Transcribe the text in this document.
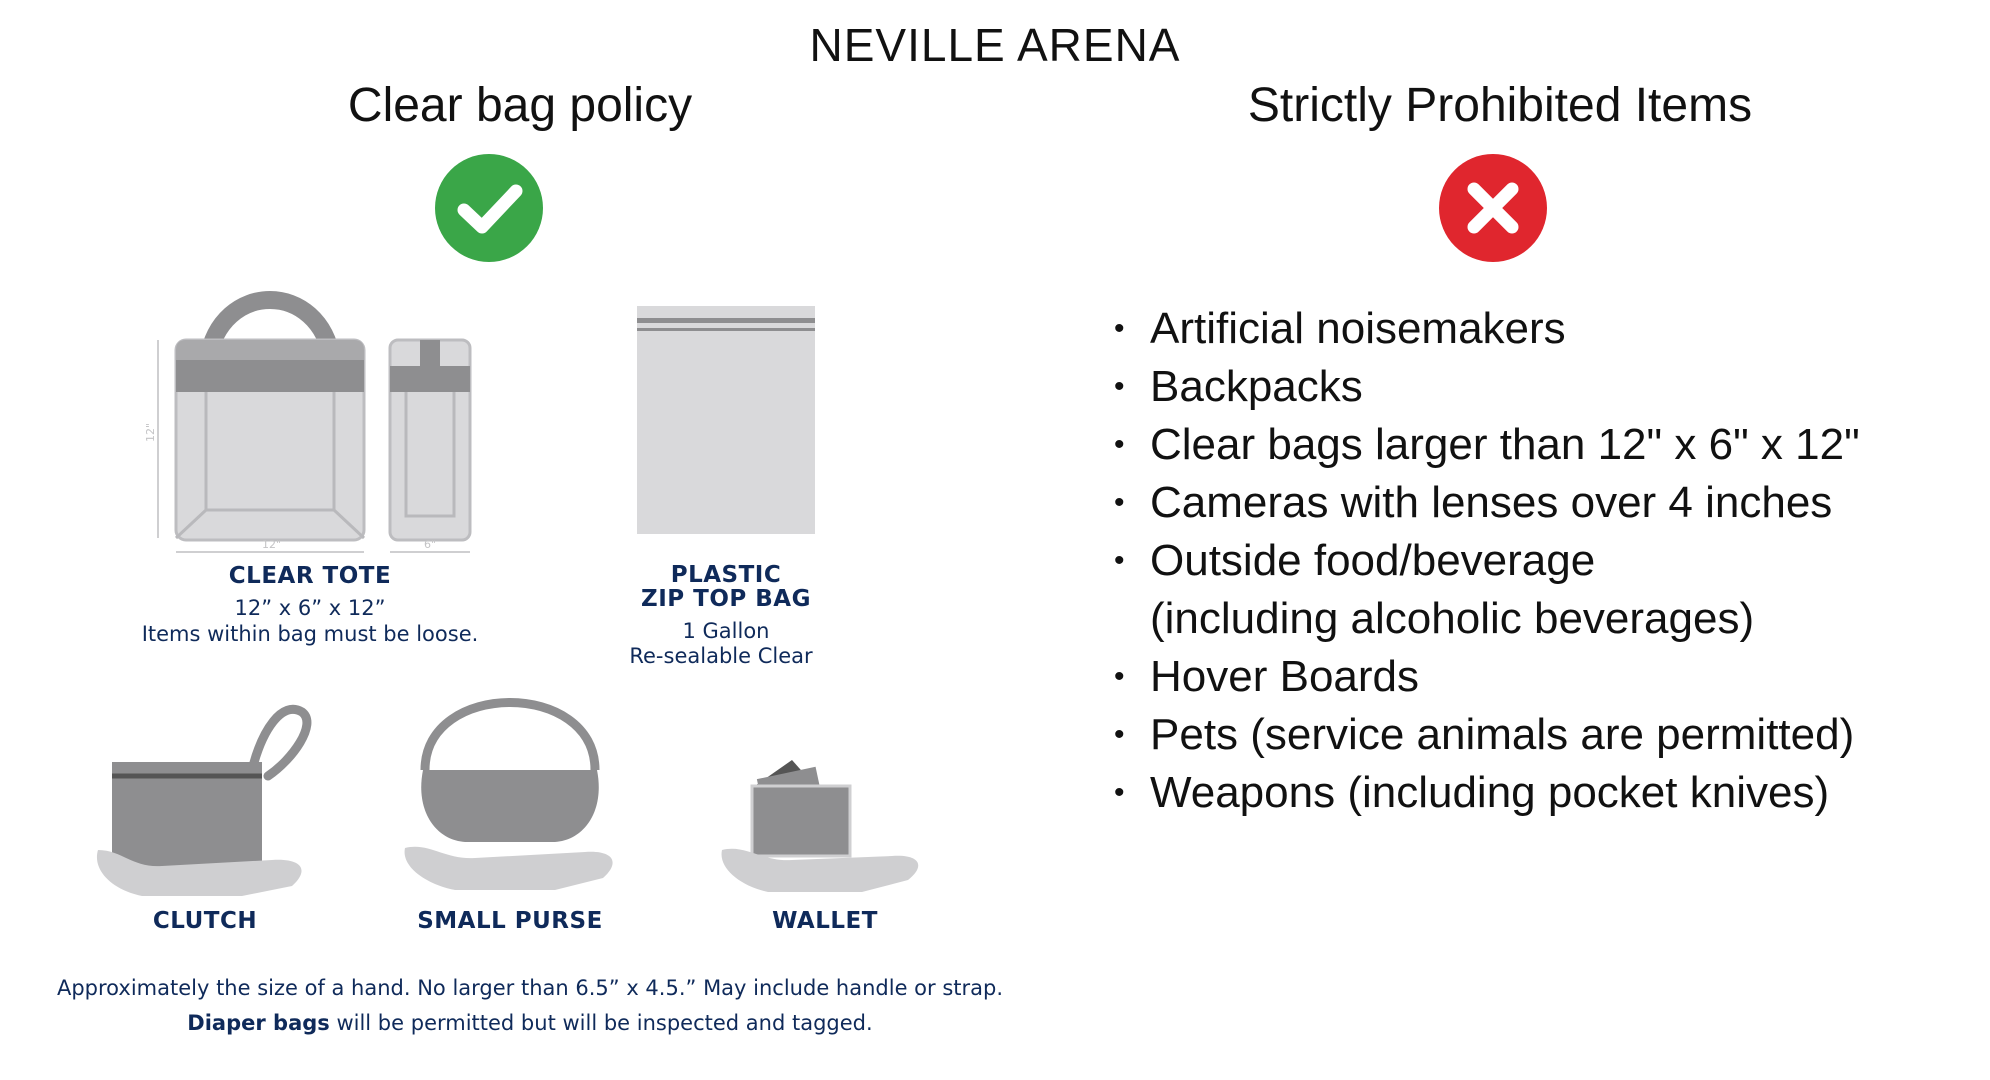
NEVILLE ARENA
Clear bag policy	Strictly Prohibited Items
12"
12"	6"
CLEAR TOTE
12” x 6” x 12”
Items within bag must be loose.
PLASTIC
ZIP TOP BAG
1 Gallon
Re-sealable Clear
CLUTCH	SMALL PURSE	WALLET
Approximately the size of a hand. No larger than 6.5” x 4.5.” May include handle or strap.
Diaper bags will be permitted but will be inspected and tagged.
• Artificial noisemakers
• Backpacks
• Clear bags larger than 12" x 6" x 12"
• Cameras with lenses over 4 inches
• Outside food/beverage
(including alcoholic beverages)
• Hover Boards
• Pets (service animals are permitted)
• Weapons (including pocket knives)
